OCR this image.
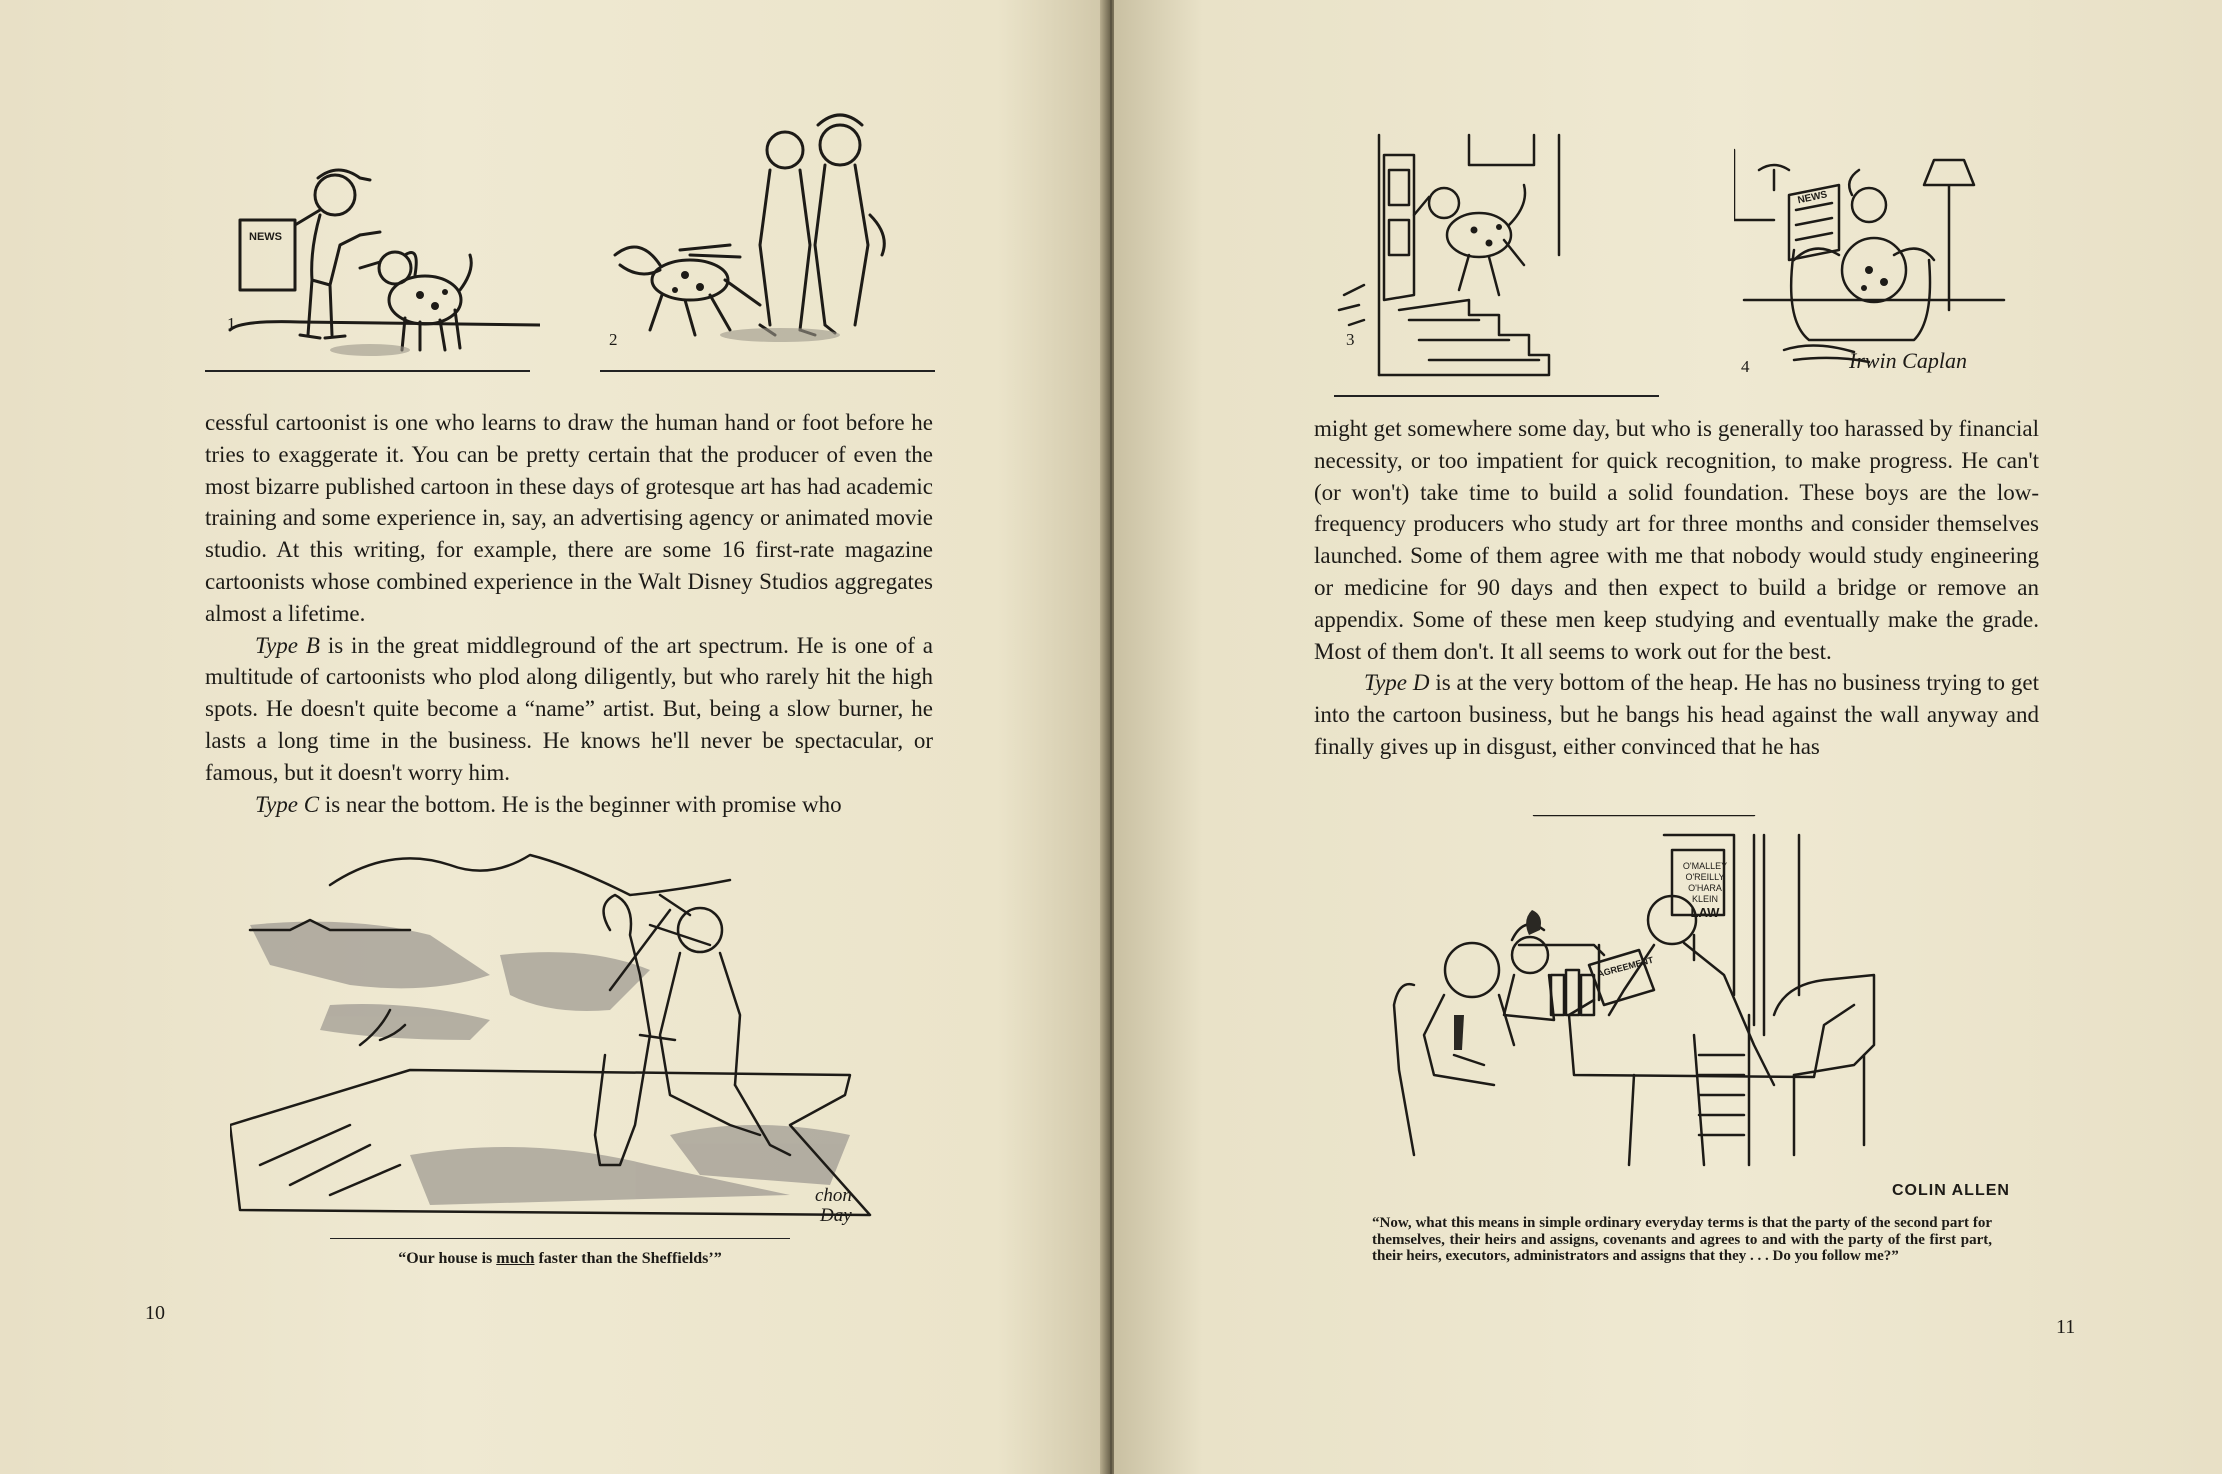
NEWS
1
2

cessful cartoonist is one who learns to draw the human hand or foot before he tries to exaggerate it. You can be pretty certain that the producer of even the most bizarre published cartoon in these days of grotesque art has had academic training and some experience in, say, an advertising agency or animated movie studio. At this writing, for example, there are some 16 first-rate magazine cartoonists whose combined experience in the Walt Disney Studios aggregates almost a lifetime.

Type B is in the great middleground of the art spectrum. He is one of a multitude of cartoonists who plod along diligently, but who rarely hit the high spots. He doesn't quite become a “name” artist. But, being a slow burner, he lasts a long time in the business. He knows he'll never be spectacular, or famous, but it doesn't worry him.

Type C is near the bottom. He is the beginner with promise who

chon
Day
“Our house is much faster than the Sheffields’”
10
3
NEWS
4	Irwin Caplan

might get somewhere some day, but who is generally too harassed by financial necessity, or too impatient for quick recognition, to make progress. He can't (or won't) take time to build a solid foundation. These boys are the low-frequency producers who study art for three months and consider themselves launched. Some of them agree with me that nobody would study engineering or medicine for 90 days and then expect to build a bridge or remove an appendix. Some of these men keep studying and eventually make the grade. Most of them don't. It all seems to work out for the best.

Type D is at the very bottom of the heap. He has no business trying to get into the cartoon business, but he bangs his head against the wall anyway and finally gives up in disgust, either convinced that he has

AGREEMENT
O'MALLEY
O'REILLY
O'HARA
KLEIN
LAW
COLIN ALLEN
“Now, what this means in simple ordinary everyday terms is that the party of the second part for themselves, their heirs and assigns, covenants and agrees to and with the party of the first part, their heirs, executors, administrators and assigns that they . . . Do you follow me?”
11
